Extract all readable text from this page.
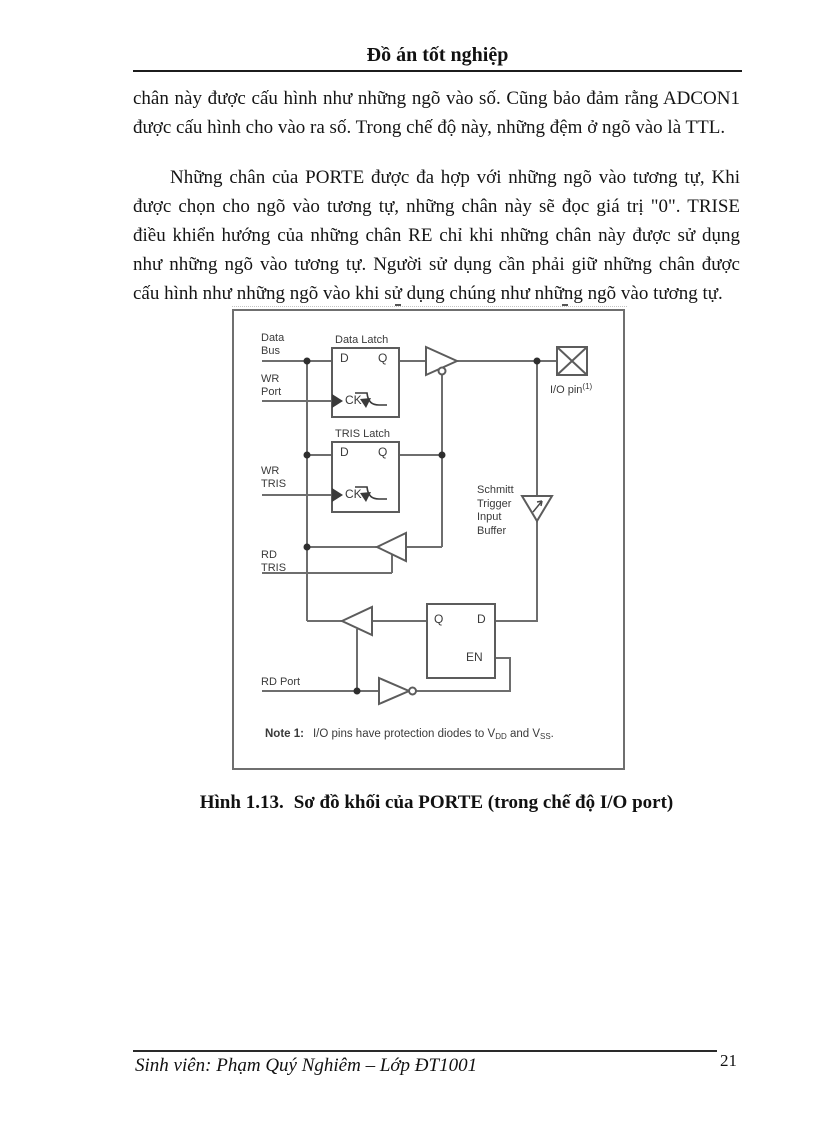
Đồ án tốt nghiệp
chân này được cấu hình như những ngõ vào số. Cũng bảo đảm rằng ADCON1
được cấu hình cho vào ra số. Trong chế độ này, những đệm ở ngõ vào là TTL.
Những chân của PORTE được đa hợp với những ngõ vào tương tự, Khi
được chọn cho ngõ vào tương tự, những chân này sẽ đọc giá trị "0". TRISE
điều khiển hướng của những chân RE chỉ khi những chân này được sử dụng
như những ngõ vào tương tự. Người sử dụng cần phải giữ những chân được
cấu hình như những ngõ vào khi sử dụng chúng như những ngõ vào tương tự.
Data
Bus
WR
Port
WR
TRIS
RD
TRIS
RD Port
Data Latch
D Q
CK
TRIS Latch
D Q
CK
Q	D
EN
Schmitt
Trigger
Input
Buffer
I/O pin$^{(1)}$
Note 1: I/O pins have protection diodes to $V_{DD}$ and $V_{SS}$.
Hình 1.13. Sơ đồ khối của PORTE (trong chế độ I/O port)
Sinh viên: Phạm Quý Nghiêm – Lớp ĐT1001	21
